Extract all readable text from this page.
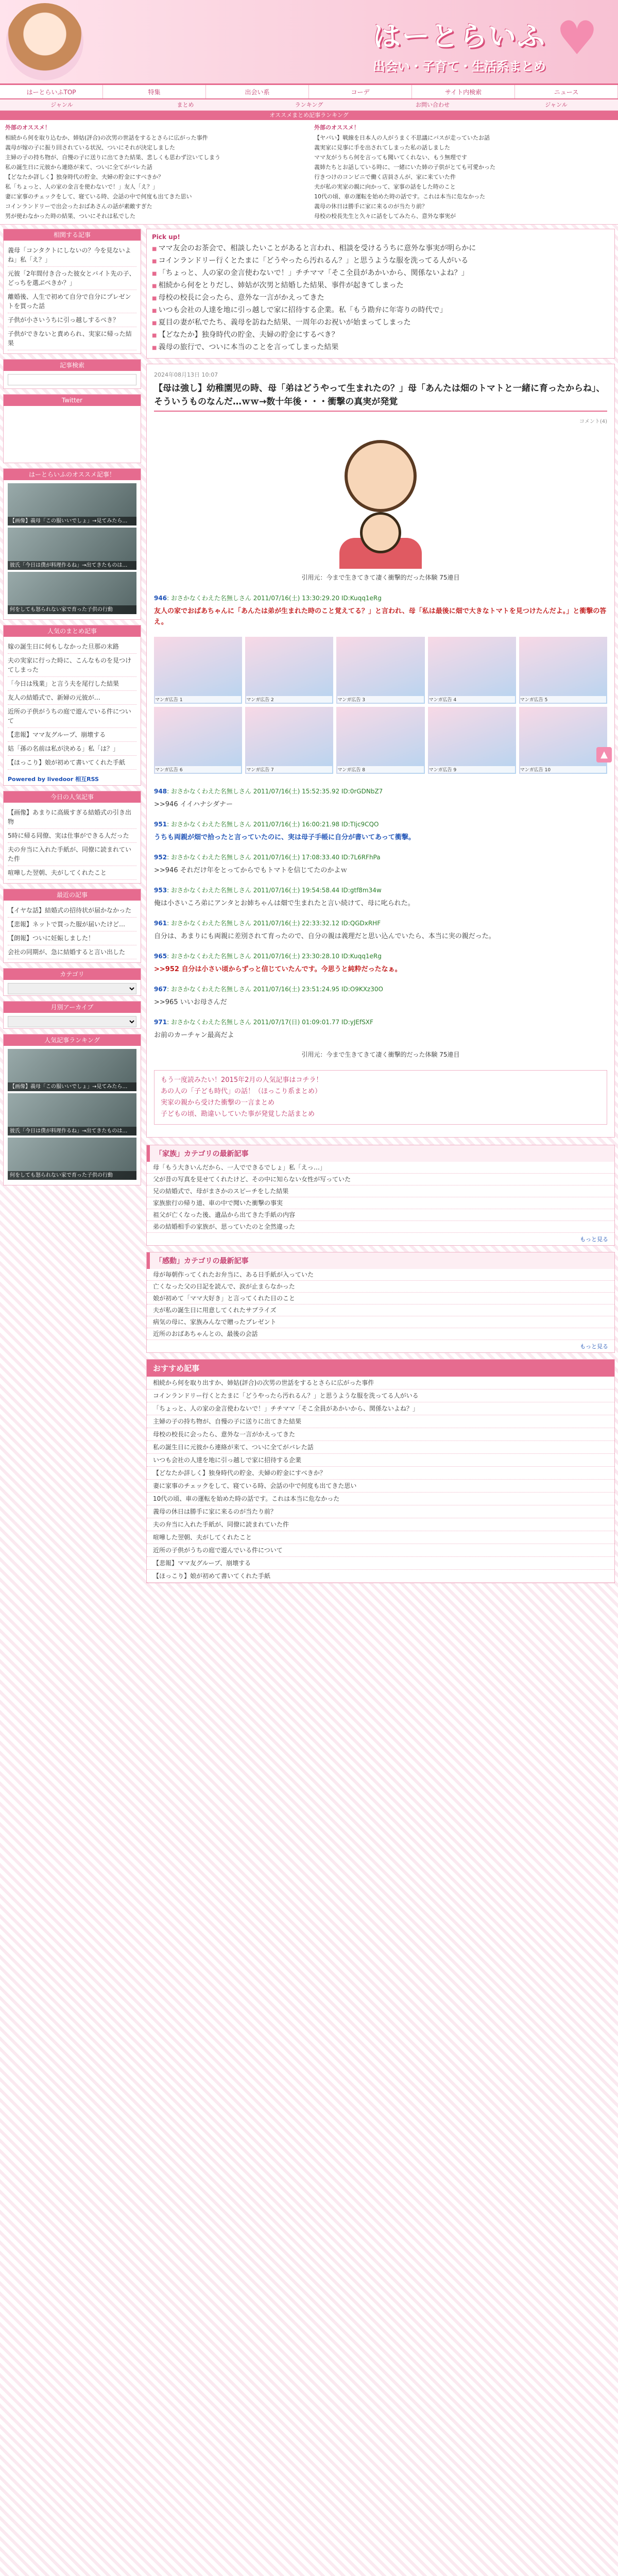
はーとらいふ
出会い・子育て・生活系まとめ
♥
はーとらいふTOP	特集	出会い系	コーデ	サイト内検索	ニュース
ジャンル	まとめ	ランキング	お問い合わせ	ジャンル
オススメまとめ記事ランキング
外部のオススメ！
相続から何を取り込むか、姉姑(評合)の次男の世話をするとさらに広がった事件
義母が嫁の子に振り回されている状況、ついにそれが決定しました
主婦の子の持ち物が、自慢の子に送りに出てきた結果、悲しくも思わず泣いてしまう
私の誕生日に元彼から連絡が来て、ついに全てがバレた話
【どなたか詳しく】独身時代の貯金、夫婦の貯金にすべきか？
私「ちょっと、人の家の金言を使わないで！」友人「え？」
妻に家事のチェックをして、寝ている時、会話の中で何度も出てきた思い
コインランドリーで出会ったおばあさんの話が素敵すぎた
男が使わなかった時の結果、ついにそれは私でした
外部のオススメ！
【ヤバい】戦線を日本人の人がうまく不思議にバスが走っていたお話
義実家に見事に手を出されてしまった私の話しました
ママ友がうちら何を言っても聞いてくれない、もう無理です
義姉たちとお話している時に、一緒にいた姉の子供がとても可愛かった
行きつけのコンビニで働く店員さんが、家に来ていた件
夫が私の実家の親に向かって、家事の話をした時のこと
10代の頃、車の運転を始めた時の話です。これは本当に危なかった
義母の休日は勝手に家に来るのが当たり前？
母校の校長先生と久々に話をしてみたら、意外な事実が
相関する記事
義母「コンタクトにしないの？今を見ないよね」私「え？」
元彼「2年間付き合った彼女とバイト先の子、どっちを選ぶべきか？」
離婚後、人生で初めて自分で自分にプレゼントを買った話
子供が小さいうちに引っ越しするべき？
子供ができないと責められ、実家に帰った結果
記事検索
Twitter
はーとらいふのオススメ記事！
【画像】義母「この服いいでしょ」→見てみたら…
彼氏「今日は僕が料理作るね」→出てきたものは…
何をしても怒られない家で育った子供の行動
人気のまとめ記事
嫁の誕生日に何もしなかった旦那の末路
夫の実家に行った時に、こんなものを見つけてしまった
「今日は残業」と言う夫を尾行した結果
友人の結婚式で、新婦の元彼が…
近所の子供がうちの庭で遊んでいる件について
【悲報】ママ友グループ、崩壊する
姑「孫の名前は私が決める」私「は？」
【ほっこり】娘が初めて書いてくれた手紙
Powered by livedoor 相互RSS
今日の人気記事
【画像】あまりに高級すぎる結婚式の引き出物
5時に帰る同僚、実は仕事ができる人だった
夫の弁当に入れた手紙が、同僚に読まれていた件
喧嘩した翌朝、夫がしてくれたこと
最近の記事
【イヤな話】結婚式の招待状が届かなかった
【悲報】ネットで買った服が届いたけど…
【朗報】ついに妊娠しました！
会社の同期が、急に結婚すると言い出した
カテゴリ
月別アーカイブ
人気記事ランキング
【画像】義母「この服いいでしょ」→見てみたら…
彼氏「今日は僕が料理作るね」→出てきたものは…
何をしても怒られない家で育った子供の行動
Pick up!
■ ママ友会のお茶会で、相談したいことがあると言われ、相談を受けるうちに意外な事実が明らかに
■ コインランドリー行くとたまに「どうやったら汚れるん？」と思うような服を洗ってる人がいる
■ 「ちょっと、人の家の金言使わないで！」チチママ「そこ全員があかいから、関係ないよね？」
■ 相続から何をとりだし、姉姑が次男と結婚した結果、事件が起きてしまった
■ 母校の校長に会ったら、意外な一言がかえってきた
■ いつも会社の人達を地に引っ越しで家に招待する企業。私「もう勘弁に年寄りの時代で」
■ 夏目の妻が私でたち、義母を訪ねた結果、一周年のお祝いが始まってしまった
■ 【どなたか】独身時代の貯金、夫婦の貯金にするべき？
■ 義母の旅行で、ついに本当のことを言ってしまった結果
2024年08月13日 10:07
【母は強し】幼稚園児の時、母「弟はどうやって生まれたの？」母「あんたは畑のトマトと一緒に育ったからね」、そういうものなんだ…ｗｗ→数十年後・・・衝撃の真実が発覚
コメント(4)
引用元：今まで生きてきて凄く衝撃的だった体験 75連目
946: おさかなくわえた名無しさん 2011/07/16(土) 13:30:29.20 ID:Kuqq1eRg
友人の家でおばあちゃんに「あんたは弟が生まれた時のこと覚えてる？」と言われ、母「私は最後に畑で大きなトマトを見つけたんだよ。」と衝撃の答え。
マンガ広告 1	マンガ広告 2	マンガ広告 3	マンガ広告 4	マンガ広告 5
マンガ広告 6	マンガ広告 7	マンガ広告 8	マンガ広告 9	マンガ広告 10
948: おさかなくわえた名無しさん 2011/07/16(土) 15:52:35.92 ID:0rGDNbZ7
>>946 イイハナシダナー
951: おさかなくわえた名無しさん 2011/07/16(土) 16:00:21.98 ID:TIjc9CQO
うちも両親が畑で拾ったと言っていたのに、実は母子手帳に自分が書いてあって衝撃。
952: おさかなくわえた名無しさん 2011/07/16(土) 17:08:33.40 ID:7L6RFhPa
>>946 それだけ年をとってからでもトマトを信じてたのかよｗ
953: おさかなくわえた名無しさん 2011/07/16(土) 19:54:58.44 ID:gtf8m34w
俺は小さいころ弟にアンタとお姉ちゃんは畑で生まれたと言い続けて、母に叱られた。
961: おさかなくわえた名無しさん 2011/07/16(土) 22:33:32.12 ID:QGDxRHF
自分は、あまりにも両親に差別されて育ったので、自分の親は義理だと思い込んでいたら、本当に実の親だった。
965: おさかなくわえた名無しさん 2011/07/16(土) 23:30:28.10 ID:Kuqq1eRg
>>952 自分は小さい頃からずっと信じていたんです。今思うと純粋だったなぁ。
967: おさかなくわえた名無しさん 2011/07/16(土) 23:51:24.95 ID:O9KXz30O
>>965 いいお母さんだ
971: おさかなくわえた名無しさん 2011/07/17(日) 01:09:01.77 ID:yJEfSXF
お前のカーチャン最高だよ
引用元：今まで生きてきて凄く衝撃的だった体験 75連目
もう一度読みたい！2015年2月の人気記事はコチラ！
あの人の「子ども時代」の話！（ほっこり系まとめ）
実家の親から受けた衝撃の一言まとめ
子どもの頃、勘違いしていた事が発覚した話まとめ
「家族」カテゴリの最新記事
母「もう大きいんだから、一人でできるでしょ」私「えっ…」
父が昔の写真を見せてくれたけど、その中に知らない女性が写っていた
兄の結婚式で、母がまさかのスピーチをした結果
家族旅行の帰り道、車の中で聞いた衝撃の事実
祖父が亡くなった後、遺品から出てきた手紙の内容
弟の結婚相手の家族が、思っていたのと全然違った
もっと見る
「感動」カテゴリの最新記事
母が毎朝作ってくれたお弁当に、ある日手紙が入っていた
亡くなった父の日記を読んで、涙が止まらなかった
娘が初めて「ママ大好き」と言ってくれた日のこと
夫が私の誕生日に用意してくれたサプライズ
病気の母に、家族みんなで贈ったプレゼント
近所のおばあちゃんとの、最後の会話
もっと見る
おすすめ記事
相続から何を取り出すか、姉姑(評合)の次男の世話をするとさらに広がった事件
コインランドリー行くとたまに「どうやったら汚れるん？」と思うような服を洗ってる人がいる
「ちょっと、人の家の金言使わないで！」チチママ「そこ全員があかいから、関係ないよね？」
主婦の子の持ち物が、自慢の子に送りに出てきた結果
母校の校長に会ったら、意外な一言がかえってきた
私の誕生日に元彼から連絡が来て、ついに全てがバレた話
いつも会社の人達を地に引っ越しで家に招待する企業
【どなたか詳しく】独身時代の貯金、夫婦の貯金にすべきか？
妻に家事のチェックをして、寝ている時、会話の中で何度も出てきた思い
10代の頃、車の運転を始めた時の話です。これは本当に危なかった
義母の休日は勝手に家に来るのが当たり前？
夫の弁当に入れた手紙が、同僚に読まれていた件
喧嘩した翌朝、夫がしてくれたこと
近所の子供がうちの庭で遊んでいる件について
【悲報】ママ友グループ、崩壊する
【ほっこり】娘が初めて書いてくれた手紙
▲
